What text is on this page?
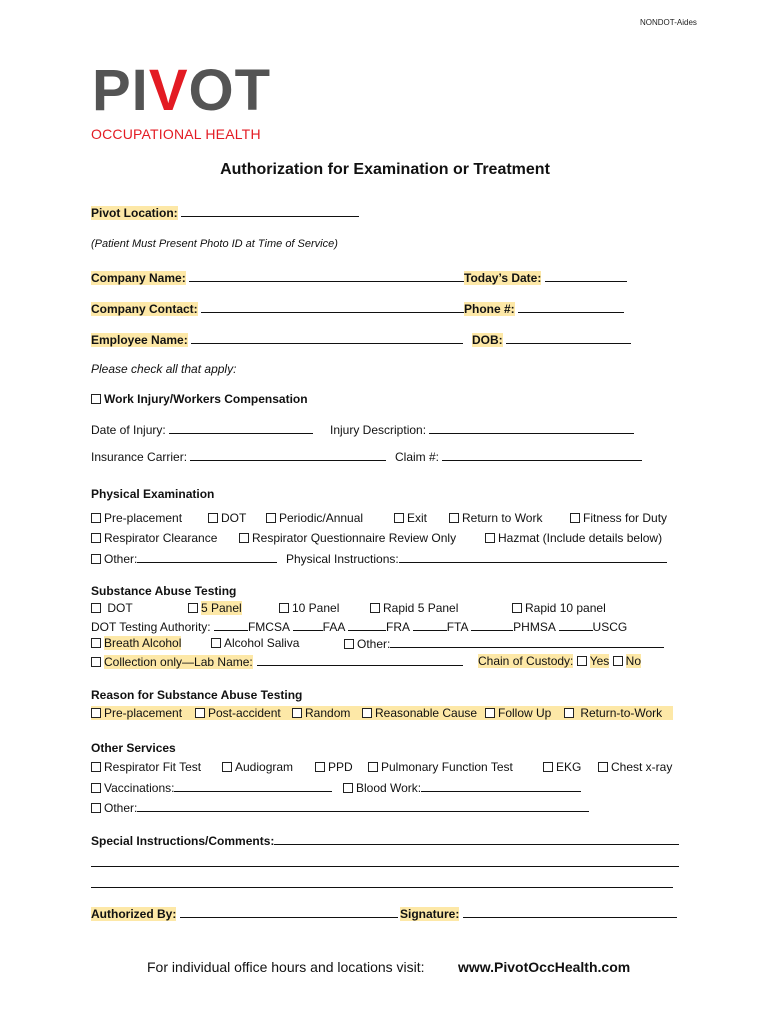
NONDOT-Aides
PIVOT
OCCUPATIONAL HEALTH
Authorization for Examination or Treatment
Pivot Location:
(Patient Must Present Photo ID at Time of Service)
Company Name:	Today’s Date:
Company Contact:	Phone #:
Employee Name:	DOB:
Please check all that apply:
Work Injury/Workers Compensation
Date of Injury:	Injury Description:
Insurance Carrier:	Claim #:
Physical Examination
Pre-placement	DOT	Periodic/Annual	Exit	Return to Work	Fitness for Duty
Respirator Clearance	Respirator Questionnaire Review Only	Hazmat (Include details below)
Other:	Physical Instructions:
Substance Abuse Testing
DOT	5 Panel	10 Panel	Rapid 5 Panel	Rapid 10 panel
DOT Testing Authority:	FMCSA	FAA	FRA	FTA	PHMSA	USCG
Breath Alcohol	Alcohol Saliva	Other:
Collection only—Lab Name:	Chain of Custody: Yes No
Reason for Substance Abuse Testing
Pre-placement	Post-accident	Random	Reasonable Cause	Follow Up	Return-to-Work
Other Services
Respirator Fit Test	Audiogram	PPD	Pulmonary Function Test	EKG	Chest x-ray
Vaccinations:	Blood Work:
Other:
Special Instructions/Comments:
Authorized By:	Signature:
For individual office hours and locations visit: www.PivotOccHealth.com
